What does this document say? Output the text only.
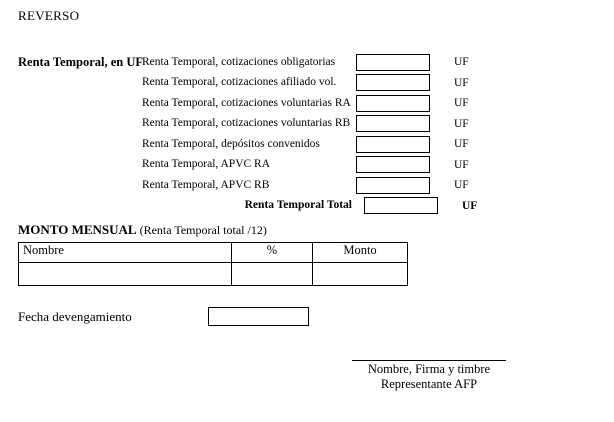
REVERSO
Renta Temporal, en UF Renta Temporal, cotizaciones obligatorias	UF
Renta Temporal, cotizaciones afiliado vol.	UF
Renta Temporal, cotizaciones voluntarias RA	UF
Renta Temporal, cotizaciones voluntarias RB	UF
Renta Temporal, depósitos convenidos	UF
Renta Temporal, APVC RA	UF
Renta Temporal, APVC RB	UF
Renta Temporal Total	UF
MONTO MENSUAL (Renta Temporal total /12)
Nombre	%	Monto

Fecha devengamiento
Nombre, Firma y timbre
Representante AFP
